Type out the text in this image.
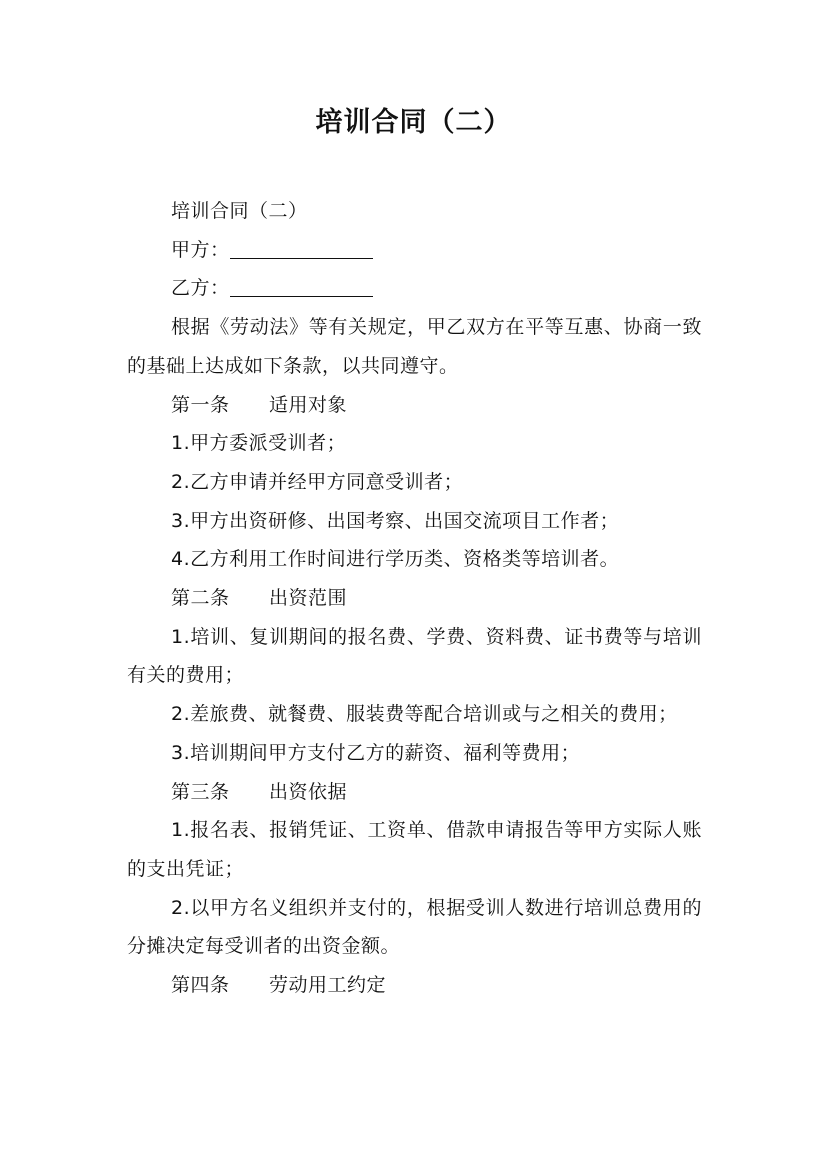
培训合同（二）

培训合同（二）

甲方：

乙方：

根据《劳动法》等有关规定，甲乙双方在平等互惠、协商一致的基础上达成如下条款，以共同遵守。

第一条 适用对象

1.甲方委派受训者；

2.乙方申请并经甲方同意受训者；

3.甲方出资研修、出国考察、出国交流项目工作者；

4.乙方利用工作时间进行学历类、资格类等培训者。

第二条 出资范围

1.培训、复训期间的报名费、学费、资料费、证书费等与培训有关的费用；

2.差旅费、就餐费、服装费等配合培训或与之相关的费用；

3.培训期间甲方支付乙方的薪资、福利等费用；

第三条 出资依据

1.报名表、报销凭证、工资单、借款申请报告等甲方实际人账的支出凭证；

2.以甲方名义组织并支付的，根据受训人数进行培训总费用的分摊决定每受训者的出资金额。

第四条 劳动用工约定
